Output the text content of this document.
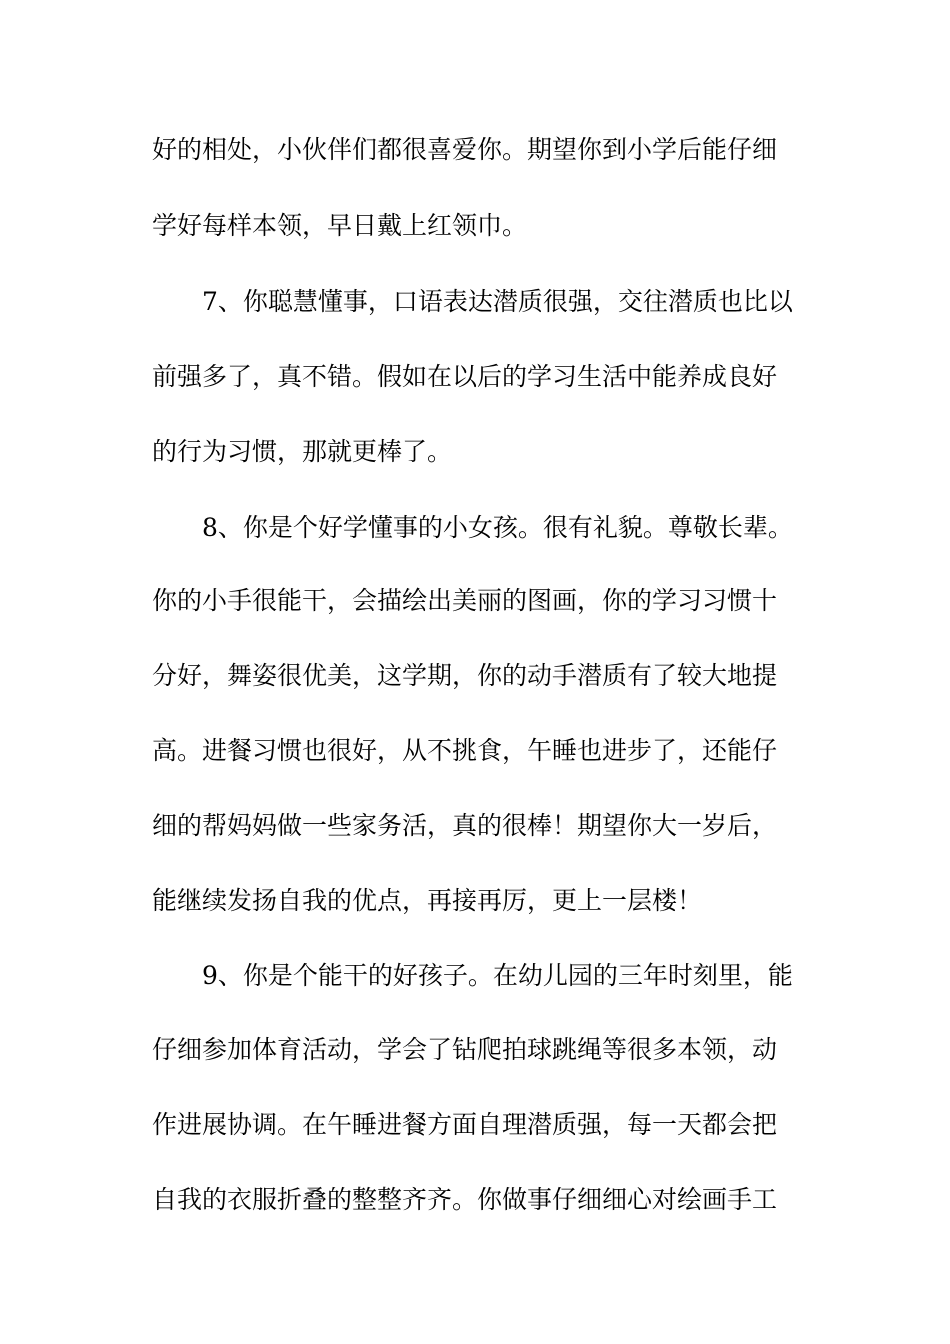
好的相处，小伙伴们都很喜爱你。期望你到小学后能仔细

学好每样本领，早日戴上红领巾。

7、你聪慧懂事，口语表达潜质很强，交往潜质也比以

前强多了，真不错。假如在以后的学习生活中能养成良好

的行为习惯，那就更棒了。

8、你是个好学懂事的小女孩。很有礼貌。尊敬长辈。

你的小手很能干，会描绘出美丽的图画，你的学习习惯十

分好，舞姿很优美，这学期，你的动手潜质有了较大地提

高。进餐习惯也很好，从不挑食，午睡也进步了，还能仔

细的帮妈妈做一些家务活，真的很棒！期望你大一岁后，

能继续发扬自我的优点，再接再厉，更上一层楼！

9、你是个能干的好孩子。在幼儿园的三年时刻里，能

仔细参加体育活动，学会了钻爬拍球跳绳等很多本领，动

作进展协调。在午睡进餐方面自理潜质强，每一天都会把

自我的衣服折叠的整整齐齐。你做事仔细细心对绘画手工
